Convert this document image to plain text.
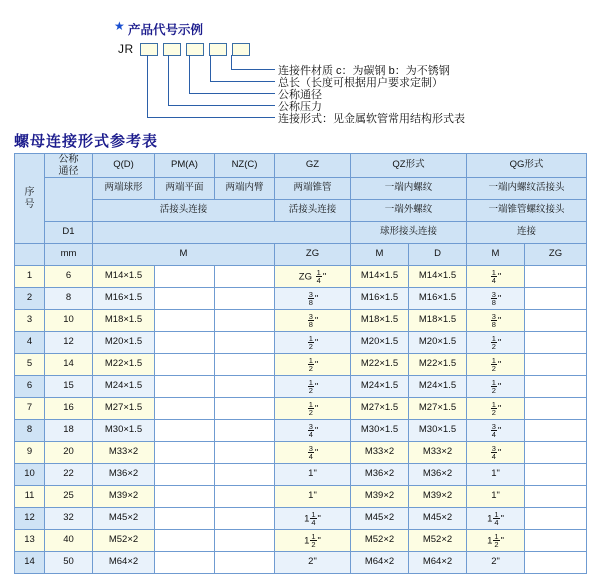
★ 产品代号示例
JR
连接件材质 c：为碳钢 b：为不锈钢
总长（长度可根据用户要求定制）
公称通径
公称压力
连接形式：见金属软管常用结构形式表
螺母连接形式参考表
序
号	公称
通径	Q(D)	PM(A)	NZ(C)	GZ	QZ形式		QG形式	
		两端球形	两端平面	两端内臂	两端锥管	一端内螺纹		一端内螺纹活接头	
		活接头连接			活接头连接	一端外螺纹		一端锥管螺纹接头	
	D1					球形接头连接		连接	
	mm	M			ZG	M	D	M	ZG
1	6	M14×1.5			ZG $\frac{1}{4}$ "	M14×1.5	M14×1.5	$\frac{1}{4}$ "	
2	8	M16×1.5			$\frac{3}{8}$ "	M16×1.5	M16×1.5	$\frac{3}{8}$ "	
3	10	M18×1.5			$\frac{3}{8}$ "	M18×1.5	M18×1.5	$\frac{3}{8}$ "	
4	12	M20×1.5			$\frac{1}{2}$ "	M20×1.5	M20×1.5	$\frac{1}{2}$ "	
5	14	M22×1.5			$\frac{1}{2}$ "	M22×1.5	M22×1.5	$\frac{1}{2}$ "	
6	15	M24×1.5			$\frac{1}{2}$ "	M24×1.5	M24×1.5	$\frac{1}{2}$ "	
7	16	M27×1.5			$\frac{1}{2}$ "	M27×1.5	M27×1.5	$\frac{1}{2}$ "	
8	18	M30×1.5			$\frac{3}{4}$ "	M30×1.5	M30×1.5	$\frac{3}{4}$ "	
9	20	M33×2			$\frac{3}{4}$ "	M33×2	M33×2	$\frac{3}{4}$ "	
10	22	M36×2			1"	M36×2	M36×2	1"	
11	25	M39×2			1"	M39×2	M39×2	1"	
12	32	M45×2			$1 \frac{1}{4}$ "	M45×2	M45×2	$1 \frac{1}{4}$ "	
13	40	M52×2			$1 \frac{1}{2}$ "	M52×2	M52×2	$1 \frac{1}{2}$ "	
14	50	M64×2			2"	M64×2	M64×2	2"	
